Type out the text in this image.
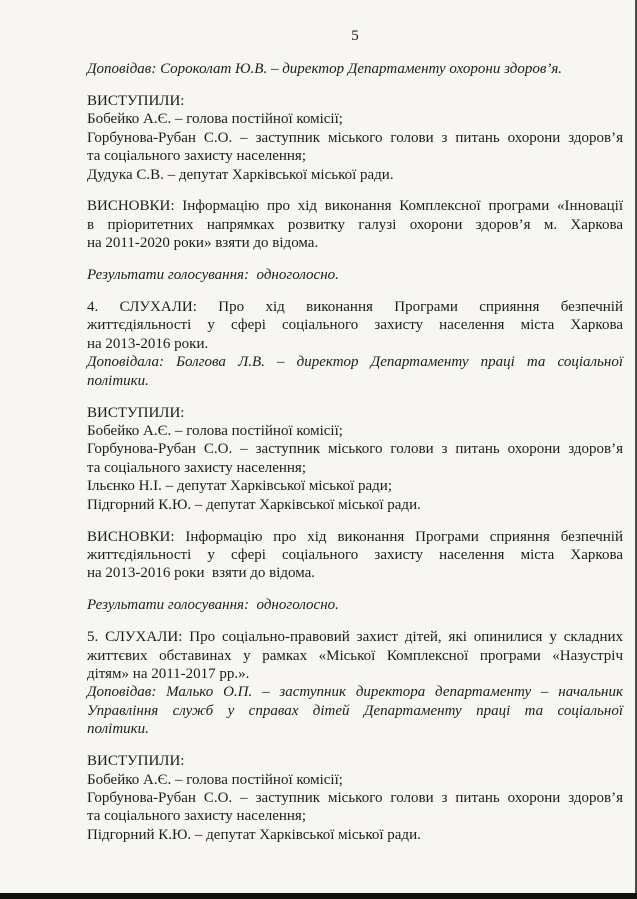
5
Доповідав: Сороколат Ю.В. – директор Департаменту охорони здоров’я.
ВИСТУПИЛИ:
Бобейко А.Є. – голова постійної комісії;
Горбунова-Рубан С.О. – заступник міського голови з питань охорони здоров’я
та соціального захисту населення;
Дудука С.В. – депутат Харківської міської ради.
ВИСНОВКИ: Інформацію про хід виконання Комплексної програми «Інновації
в пріоритетних напрямках розвитку галузі охорони здоров’я м. Харкова
на 2011-2020 роки» взяти до відома.
Результати голосування:  одноголосно.
4. СЛУХАЛИ: Про хід виконання Програми сприяння безпечній
життєдіяльності у сфері соціального захисту населення міста Харкова
на 2013-2016 роки.
Доповідала: Болгова Л.В. – директор Департаменту праці та соціальної
політики.
ВИСТУПИЛИ:
Бобейко А.Є. – голова постійної комісії;
Горбунова-Рубан С.О. – заступник міського голови з питань охорони здоров’я
та соціального захисту населення;
Ільєнко Н.І. – депутат Харківської міської ради;
Підгорний К.Ю. – депутат Харківської міської ради.
ВИСНОВКИ: Інформацію про хід виконання Програми сприяння безпечній
життєдіяльності у сфері соціального захисту населення міста Харкова
на 2013-2016 роки  взяти до відома.
Результати голосування:  одноголосно.
5. СЛУХАЛИ: Про соціально-правовий захист дітей, які опинилися у складних
життєвих обставинах у рамках «Міської Комплексної програми «Назустріч
дітям» на 2011-2017 рр.».
Доповідав: Малько О.П. – заступник директора департаменту – начальник
Управління служб у справах дітей Департаменту праці та соціальної
політики.
ВИСТУПИЛИ:
Бобейко А.Є. – голова постійної комісії;
Горбунова-Рубан С.О. – заступник міського голови з питань охорони здоров’я
та соціального захисту населення;
Підгорний К.Ю. – депутат Харківської міської ради.
